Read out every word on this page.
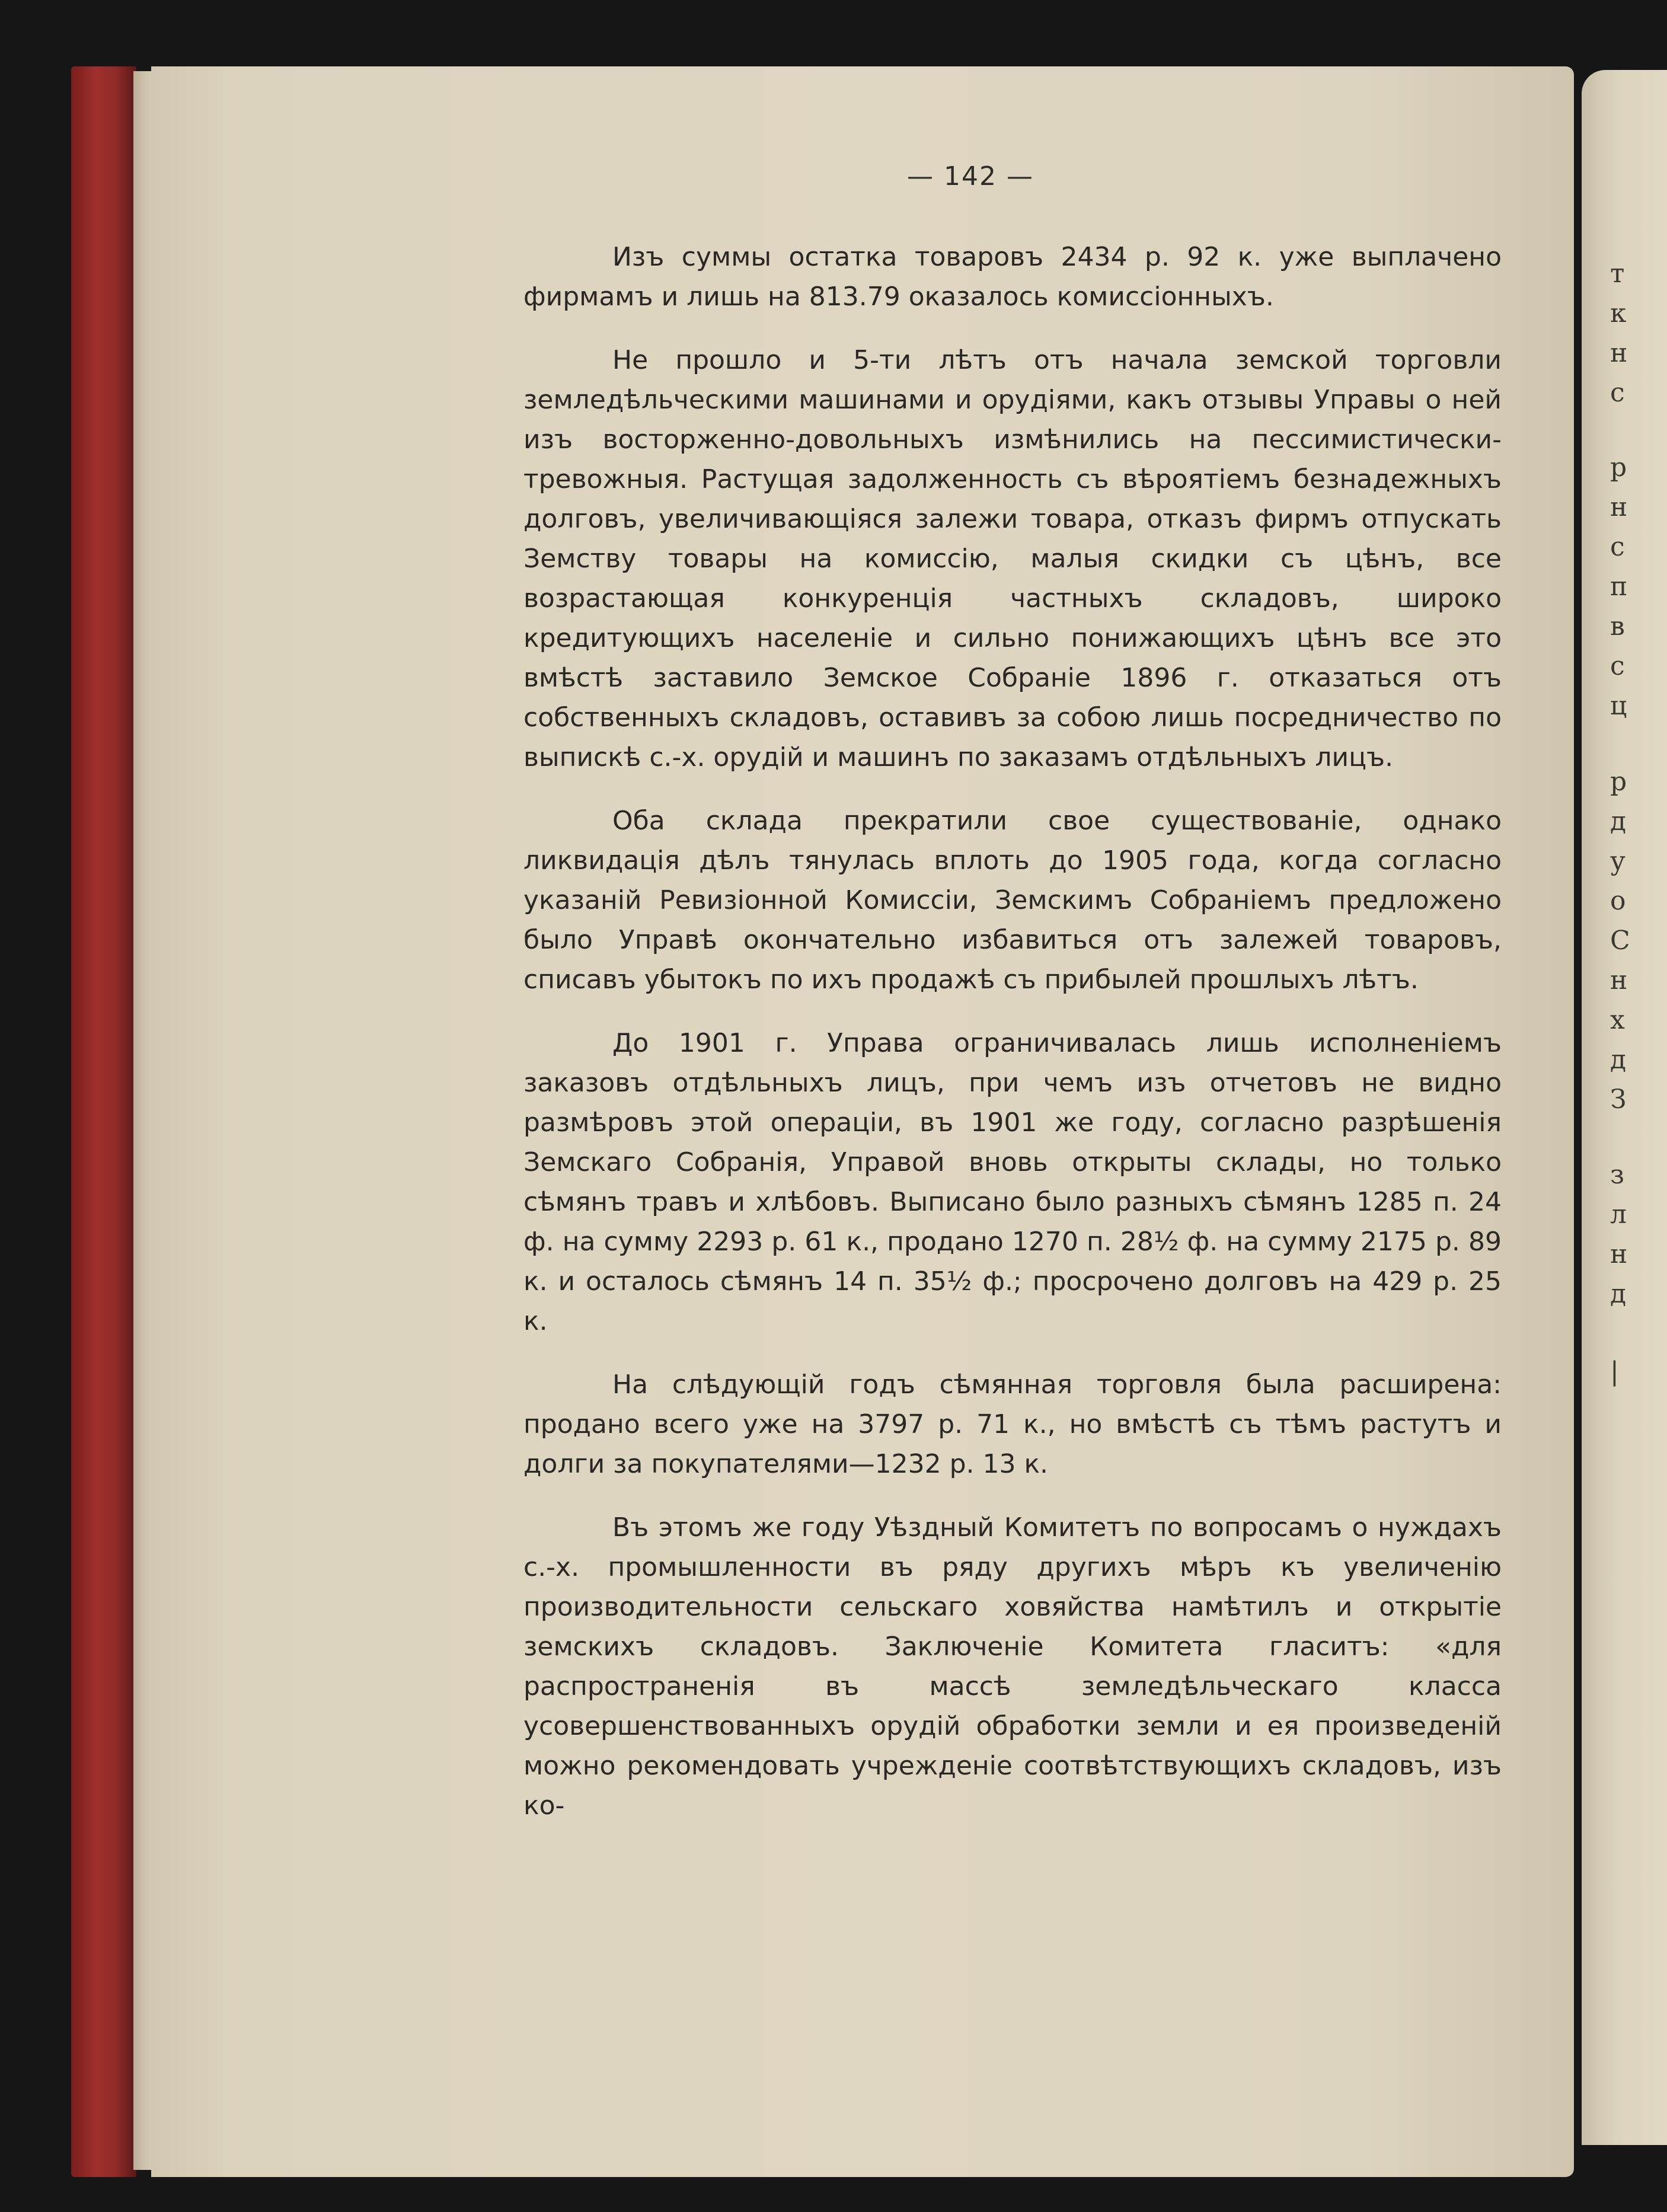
т
к
н
с
р
н
с
п
в
с
ц
р
д
у
о
С
н
х
д
З
з
л
н
д
|
— 142 —

Изъ суммы остатка товаровъ 2434 р. 92 к. уже выплачено фирмамъ и лишь на 813.79 оказалось комиссіонныхъ.

Не прошло и 5-ти лѣтъ отъ начала земской торговли земледѣльческими машинами и орудіями, какъ отзывы Управы о ней изъ восторженно-довольныхъ измѣнились на пессимистически-тревожныя. Растущая задолженность съ вѣроятіемъ безнадежныхъ долговъ, увеличивающіяся залежи товара, отказъ фирмъ отпускать Земству товары на комиссію, малыя скидки съ цѣнъ, все возрастающая конкуренція частныхъ складовъ, широко кредитующихъ населеніе и сильно понижающихъ цѣнъ все это вмѣстѣ заставило Земское Собраніе 1896 г. отказаться отъ собственныхъ складовъ, оставивъ за собою лишь посредничество по выпискѣ с.-х. орудій и машинъ по заказамъ отдѣльныхъ лицъ.

Оба склада прекратили свое существованіе, однако ликвидація дѣлъ тянулась вплоть до 1905 года, когда согласно указаній Ревизіонной Комиссіи, Земскимъ Собраніемъ предложено было Управѣ окончательно избавиться отъ залежей товаровъ, списавъ убытокъ по ихъ продажѣ съ прибылей прошлыхъ лѣтъ.

До 1901 г. Управа ограничивалась лишь исполненіемъ заказовъ отдѣльныхъ лицъ, при чемъ изъ отчетовъ не видно размѣровъ этой операціи, въ 1901 же году, согласно разрѣшенія Земскаго Собранія, Управой вновь открыты склады, но только сѣмянъ травъ и хлѣбовъ. Выписано было разныхъ сѣмянъ 1285 п. 24 ф. на сумму 2293 р. 61 к., продано 1270 п. 28½ ф. на сумму 2175 р. 89 к. и осталось сѣмянъ 14 п. 35½ ф.; просрочено долговъ на 429 р. 25 к.

На слѣдующій годъ сѣмянная торговля была расширена: продано всего уже на 3797 р. 71 к., но вмѣстѣ съ тѣмъ растутъ и долги за покупателями—1232 р. 13 к.

Въ этомъ же году Уѣздный Комитетъ по вопросамъ о нуждахъ с.-х. промышленности въ ряду другихъ мѣръ къ увеличенію производительности сельскаго ховяйства намѣтилъ и открытіе земскихъ складовъ. Заключеніе Комитета гласитъ: «для распространенія въ массѣ земледѣльческаго класса усовершенствованныхъ орудій обработки земли и ея произведеній можно рекомендовать учрежденіе соотвѣтствующихъ складовъ, изъ ко-
